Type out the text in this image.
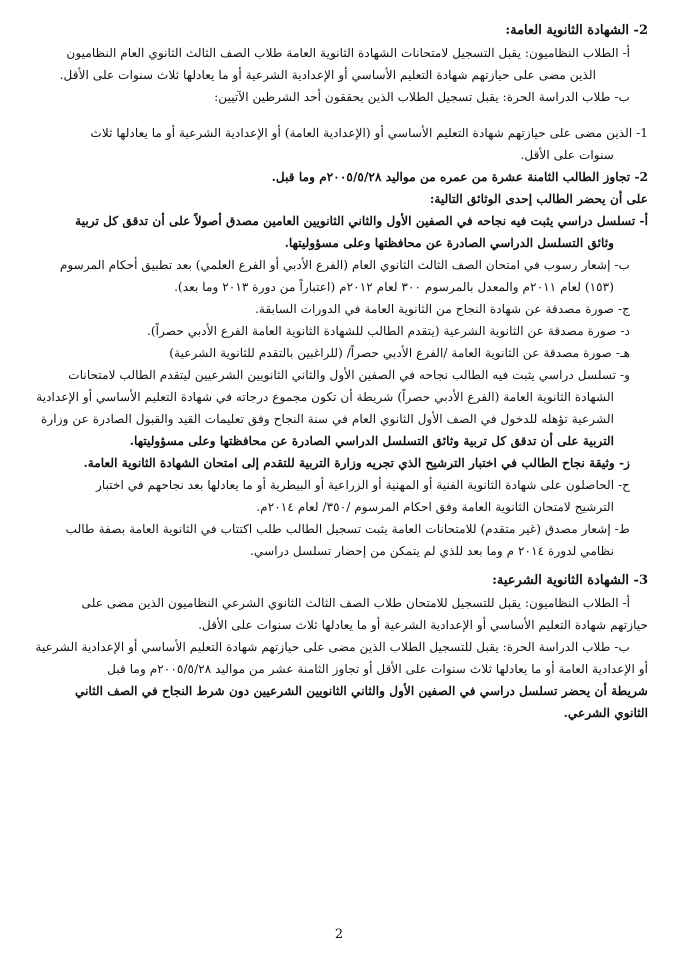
2- الشهادة الثانوية العامة:

أ- الطلاب النظاميون: يقبل التسجيل لامتحانات الشهادة الثانوية العامة طلاب الصف الثالث الثانوي العام النظاميون

الذين مضى على حيازتهم شهادة التعليم الأساسي أو الإعدادية الشرعية أو ما يعادلها ثلاث سنوات على الأقل.

ب- طلاب الدراسة الحرة: يقبل تسجيل الطلاب الذين يحققون أحد الشرطين الآتيين:

1- الذين مضى على حيازتهم شهادة التعليم الأساسي أو (الإعدادية العامة) أو الإعدادية الشرعية أو ما يعادلها ثلاث

سنوات على الأقل.

2- تجاوز الطالب الثامنة عشرة من عمره من مواليد ٢٠٠٥/٥/٢٨م وما قبل.

على أن يحضر الطالب إحدى الوثائق التالية:

أ- تسلسل دراسي يثبت فيه نجاحه في الصفين الأول والثاني الثانويين العامين مصدق أصولاً على أن تدقق كل تربية

وثائق التسلسل الدراسي الصادرة عن محافظتها وعلى مسؤوليتها.

ب- إشعار رسوب في امتحان الصف الثالث الثانوي العام (الفرع الأدبي أو الفرع العلمي) بعد تطبيق أحكام المرسوم

(١٥٣) لعام ٢٠١١م والمعدل بالمرسوم ٣٠٠ لعام ٢٠١٢م (اعتباراً من دورة ٢٠١٣ وما بعد).

ج- صورة مصدقة عن شهادة النجاح من الثانوية العامة في الدورات السابقة.

د- صورة مصدقة عن الثانوية الشرعية (يتقدم الطالب للشهادة الثانوية العامة الفرع الأدبي حصراً).

هـ- صورة مصدقة عن الثانوية العامة /الفرع الأدبي حصراً/ (للراغبين بالتقدم للثانوية الشرعية)

و- تسلسل دراسي يثبت فيه الطالب نجاحه في الصفين الأول والثاني الثانويين الشرعيين ليتقدم الطالب لامتحانات

الشهادة الثانوية العامة (الفرع الأدبي حصراً) شريطة أن تكون مجموع درجاته في شهادة التعليم الأساسي أو الإعدادية

الشرعية تؤهله للدخول في الصف الأول الثانوي العام في سنة النجاح وفق تعليمات القيد والقبول الصادرة عن وزارة

التربية على أن تدقق كل تربية وثائق التسلسل الدراسي الصادرة عن محافظتها وعلى مسؤوليتها.

ز- وثيقة نجاح الطالب في اختبار الترشيح الذي تجريه وزارة التربية للتقدم إلى امتحان الشهادة الثانوية العامة.

ح- الحاصلون على شهادة الثانوية الفنية أو المهنية أو الزراعية أو البيطرية أو ما يعادلها بعد نجاحهم في اختبار

الترشيح لامتحان الثانوية العامة وفق احكام المرسوم /٣٥٠/ لعام ٢٠١٤م.

ط- إشعار مصدق (غير متقدم) للامتحانات العامة يثبت تسجيل الطالب طلب اكتتاب في الثانوية العامة بصفة طالب

نظامي لدورة ٢٠١٤ م وما بعد للذي لم يتمكن من إحضار تسلسل دراسي.

3- الشهادة الثانوية الشرعية:

أ- الطلاب النظاميون: يقبل للتسجيل للامتحان طلاب الصف الثالث الثانوي الشرعي النظاميون الذين مضى على

حيازتهم شهادة التعليم الأساسي أو الإعدادية الشرعية أو ما يعادلها ثلاث سنوات على الأقل.

ب- طلاب الدراسة الحرة: يقبل للتسجيل الطلاب الذين مضى على حيازتهم شهادة التعليم الأساسي أو الإعدادية الشرعية

أو الإعدادية العامة أو ما يعادلها ثلاث سنوات على الأقل أو تجاوز الثامنة عشر من مواليد ٢٠٠٥/٥/٢٨م وما قبل

شريطة أن يحضر تسلسل دراسي في الصفين الأول والثاني الثانويين الشرعيين دون شرط النجاح في الصف الثاني

الثانوي الشرعي.

2
